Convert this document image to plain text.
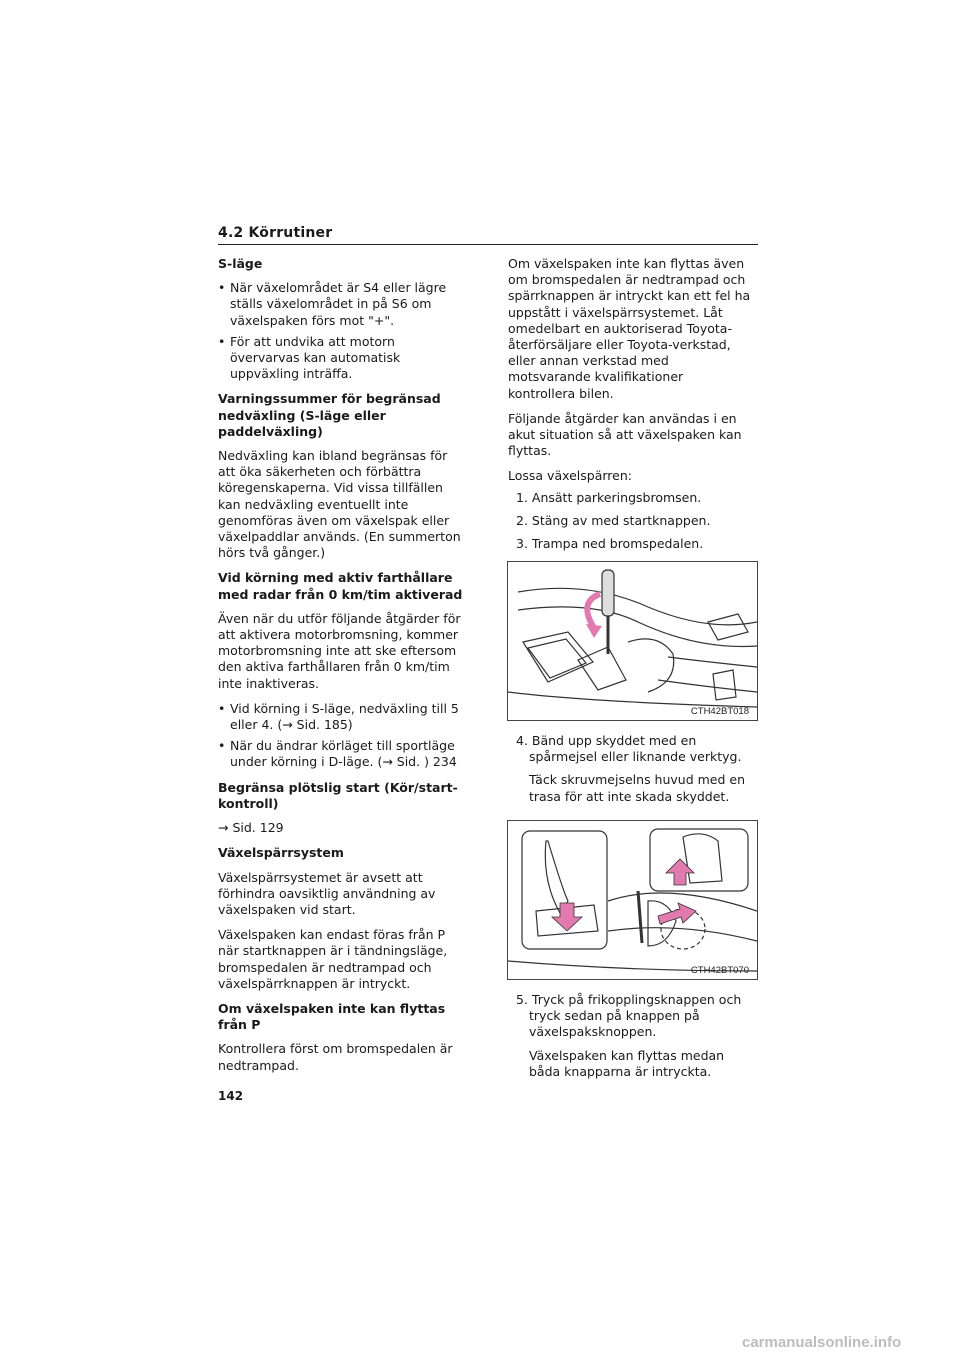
4.2 Körrutiner

S-läge

• När växelområdet är S4 eller lägre ställs växelområdet in på S6 om växelspaken förs mot "+".
• För att undvika att motorn övervarvas kan automatisk uppväxling inträffa.

Varningssummer för begränsad nedväxling (S-läge eller paddelväxling)

Nedväxling kan ibland begränsas för att öka säkerheten och förbättra köregenskaperna. Vid vissa tillfällen kan nedväxling eventuellt inte genomföras även om växelspak eller växelpaddlar används. (En summerton hörs två gånger.)

Vid körning med aktiv farthållare med radar från 0 km/tim aktiverad

Även när du utför följande åtgärder för att aktivera motorbromsning, kommer motorbromsning inte att ske eftersom den aktiva farthållaren från 0 km/tim inte inaktiveras.

• Vid körning i S-läge, nedväxling till 5 eller 4. (→ Sid. 185)
• När du ändrar körläget till sportläge under körning i D-läge. (→ Sid. ) 234

Begränsa plötslig start (Kör/start-kontroll)

→ Sid. 129

Växelspärrsystem

Växelspärrsystemet är avsett att förhindra oavsiktlig användning av växelspaken vid start.

Växelspaken kan endast föras från P när startknappen är i tändningsläge, bromspedalen är nedtrampad och växelspärrknappen är intryckt.

Om växelspaken inte kan flyttas från P

Kontrollera först om bromspedalen är nedtrampad.

Om växelspaken inte kan flyttas även om bromspedalen är nedtrampad och spärrknappen är intryckt kan ett fel ha uppstått i växelspärrsystemet. Låt omedelbart en auktoriserad Toyota-återförsäljare eller Toyota-verkstad, eller annan verkstad med motsvarande kvalifikationer kontrollera bilen.

Följande åtgärder kan användas i en akut situation så att växelspaken kan flyttas.

Lossa växelspärren:

1. Ansätt parkeringsbromsen.
2. Stäng av med startknappen.
3. Trampa ned bromspedalen.
CTH42BT018
4. Bänd upp skyddet med en spårmejsel eller liknande verktyg.
Täck skruvmejselns huvud med en trasa för att inte skada skyddet.
CTH42BT070
5. Tryck på frikopplingsknappen och tryck sedan på knappen på växelspaksknoppen.
Växelspaken kan flyttas medan båda knapparna är intryckta.
142
carmanualsonline.info
